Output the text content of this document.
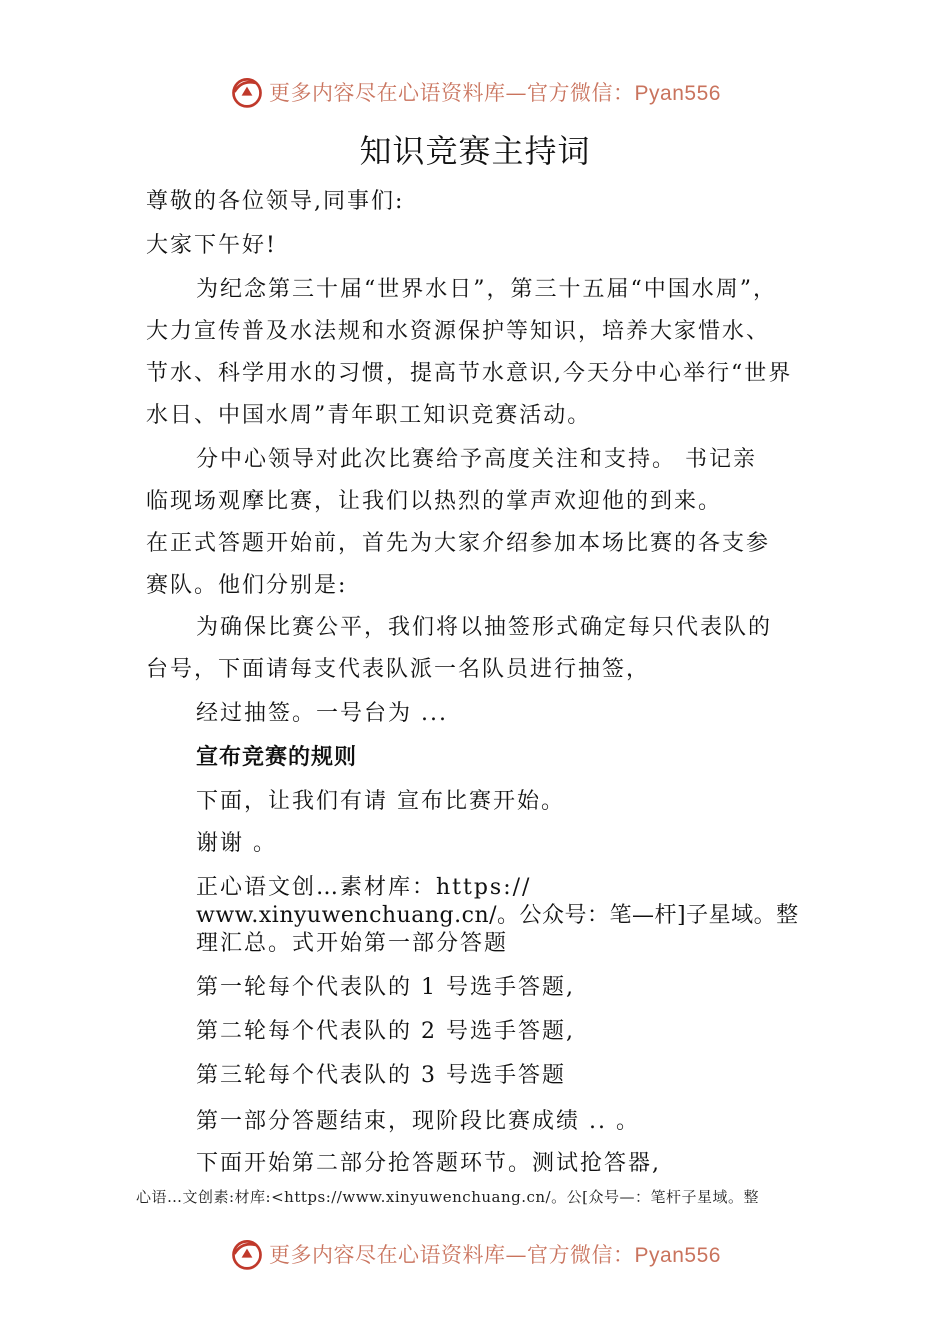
更多内容尽在心语资料库—官方微信：Pyan556
知识竞赛主持词
尊敬的各位领导,同事们:
大家下午好!
为纪念第三十届“世界水日”，第三十五届“中国水周”，
大力宣传普及水法规和水资源保护等知识，培养大家惜水、
节水、科学用水的习惯，提高节水意识,今天分中心举行“世界
水日、中国水周”青年职工知识竞赛活动。
分中心领导对此次比赛给予高度关注和支持。 书记亲
临现场观摩比赛，让我们以热烈的掌声欢迎他的到来。
在正式答题开始前，首先为大家介绍参加本场比赛的各支参
赛队。他们分别是:
为确保比赛公平，我们将以抽签形式确定每只代表队的
台号，下面请每支代表队派一名队员进行抽签，
经过抽签。一号台为 ...
宣布竞赛的规则
下面，让我们有请 宣布比赛开始。
谢谢 。
正心语文创…素材库：https://
www.xinyuwenchuang.cn/。公众号：笔—杆]子星域。整
理汇总。式开始第一部分答题
第一轮每个代表队的 1 号选手答题,
第二轮每个代表队的 2 号选手答题,
第三轮每个代表队的 3 号选手答题
第一部分答题结束，现阶段比赛成绩 .. 。
下面开始第二部分抢答题环节。测试抢答器,
心语…文创素:材库:<https://www.xinyuwenchuang.cn/。公[众号—：笔杆子星域。整
更多内容尽在心语资料库—官方微信：Pyan556
